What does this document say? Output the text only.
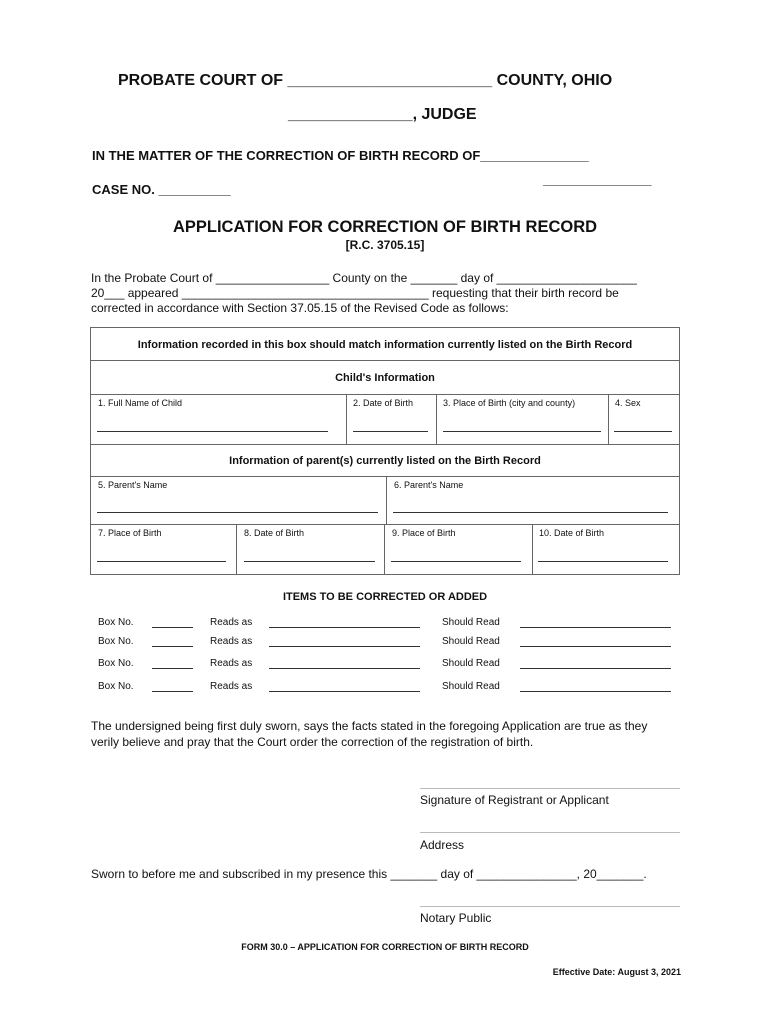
PROBATE COURT OF _______________________ COUNTY, OHIO
______________, JUDGE
IN THE MATTER OF THE CORRECTION OF BIRTH RECORD OF_______________
_______________
CASE NO. __________
APPLICATION FOR CORRECTION OF BIRTH RECORD
[R.C. 3705.15]
In the Probate Court of _________________ County on the _______ day of _____________________
20___ appeared _____________________________________ requesting that their birth record be
corrected in accordance with Section 37.05.15 of the Revised Code as follows:
Information recorded in this box should match information currently listed on the Birth Record
Child's Information
1. Full Name of Child	2. Date of Birth	3. Place of Birth (city and county)	4. Sex
Information of parent(s) currently listed on the Birth Record
5. Parent's Name	6. Parent's Name
7. Place of Birth	8. Date of Birth	9. Place of Birth	10. Date of Birth
ITEMS TO BE CORRECTED OR ADDED
Box No.	Reads as	Should Read
Box No.	Reads as	Should Read
Box No.	Reads as	Should Read
Box No.	Reads as	Should Read
The undersigned being first duly sworn, says the facts stated in the foregoing Application are true as they
verily believe and pray that the Court order the correction of the registration of birth.
Signature of Registrant or Applicant
Address
Sworn to before me and subscribed in my presence this _______ day of _______________, 20_______.
Notary Public
FORM 30.0 – APPLICATION FOR CORRECTION OF BIRTH RECORD
Effective Date: August 3, 2021
